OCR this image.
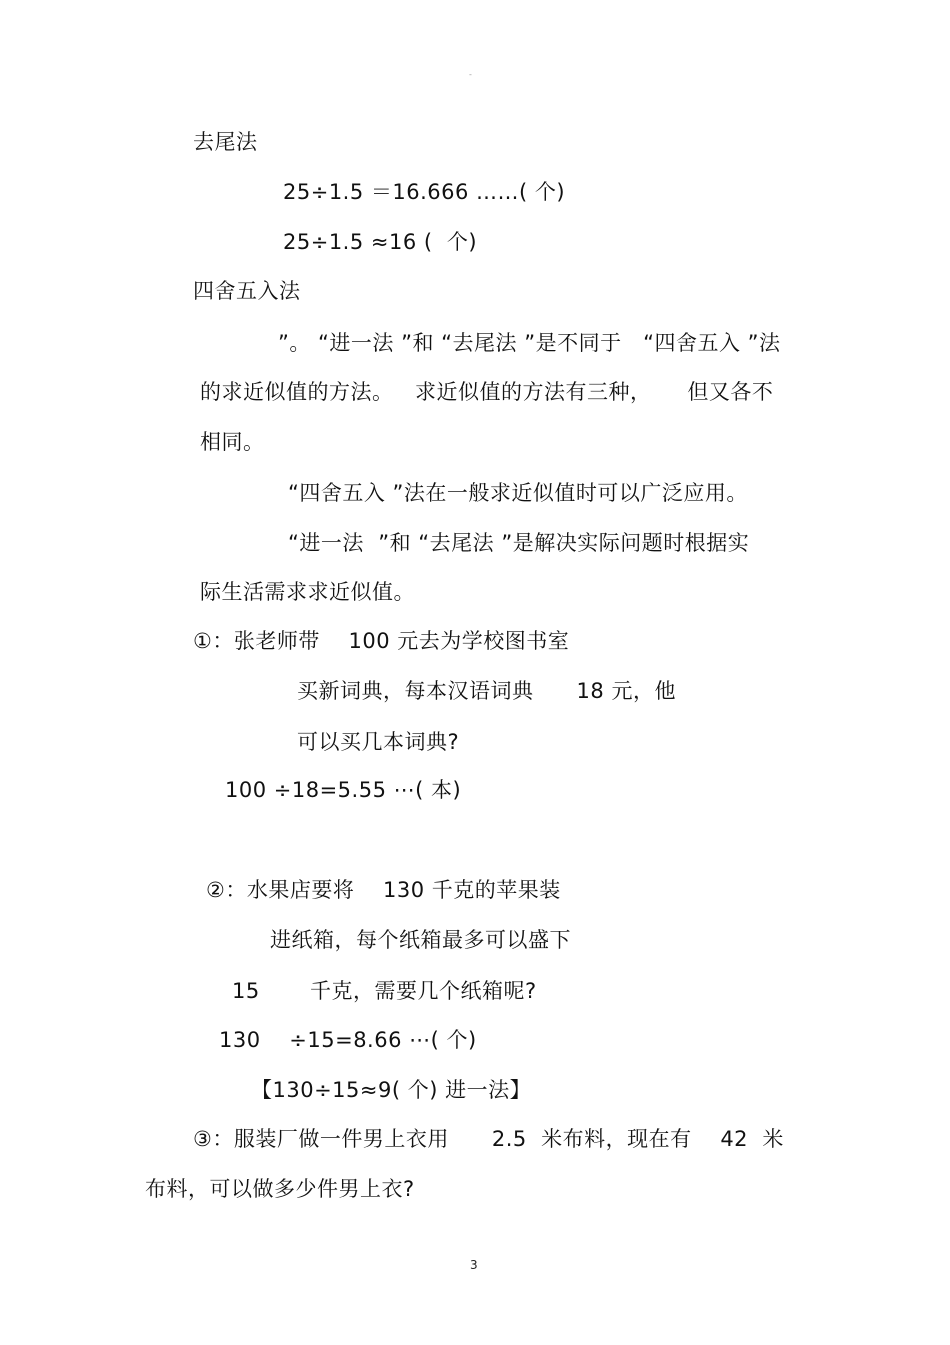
-
去尾法
25÷1.5 ＝16.666 ……( 个)
25÷1.5 ≈16 (  个)
四舍五入法
”。 “进一法 ”和 “去尾法 ”是不同于   “四舍五入 ”法
的求近似值的方法。   求近似值的方法有三种，     但又各不
相同。
“四舍五入 ”法在一般求近似值时可以广泛应用。
“进一法  ”和 “去尾法 ”是解决实际问题时根据实
际生活需求求近似值。
①：张老师带    100 元去为学校图书室
买新词典，每本汉语词典      18 元，他
可以买几本词典?
100 ÷18=5.55 ⋯( 本)
②：水果店要将    130 千克的苹果装
进纸箱，每个纸箱最多可以盛下
15       千克，需要几个纸箱呢?
130    ÷15=8.66 ⋯( 个)
【130÷15≈9( 个) 进一法】
③：服装厂做一件男上衣用      2.5  米布料，现在有    42  米
布料，可以做多少件男上衣?
3
